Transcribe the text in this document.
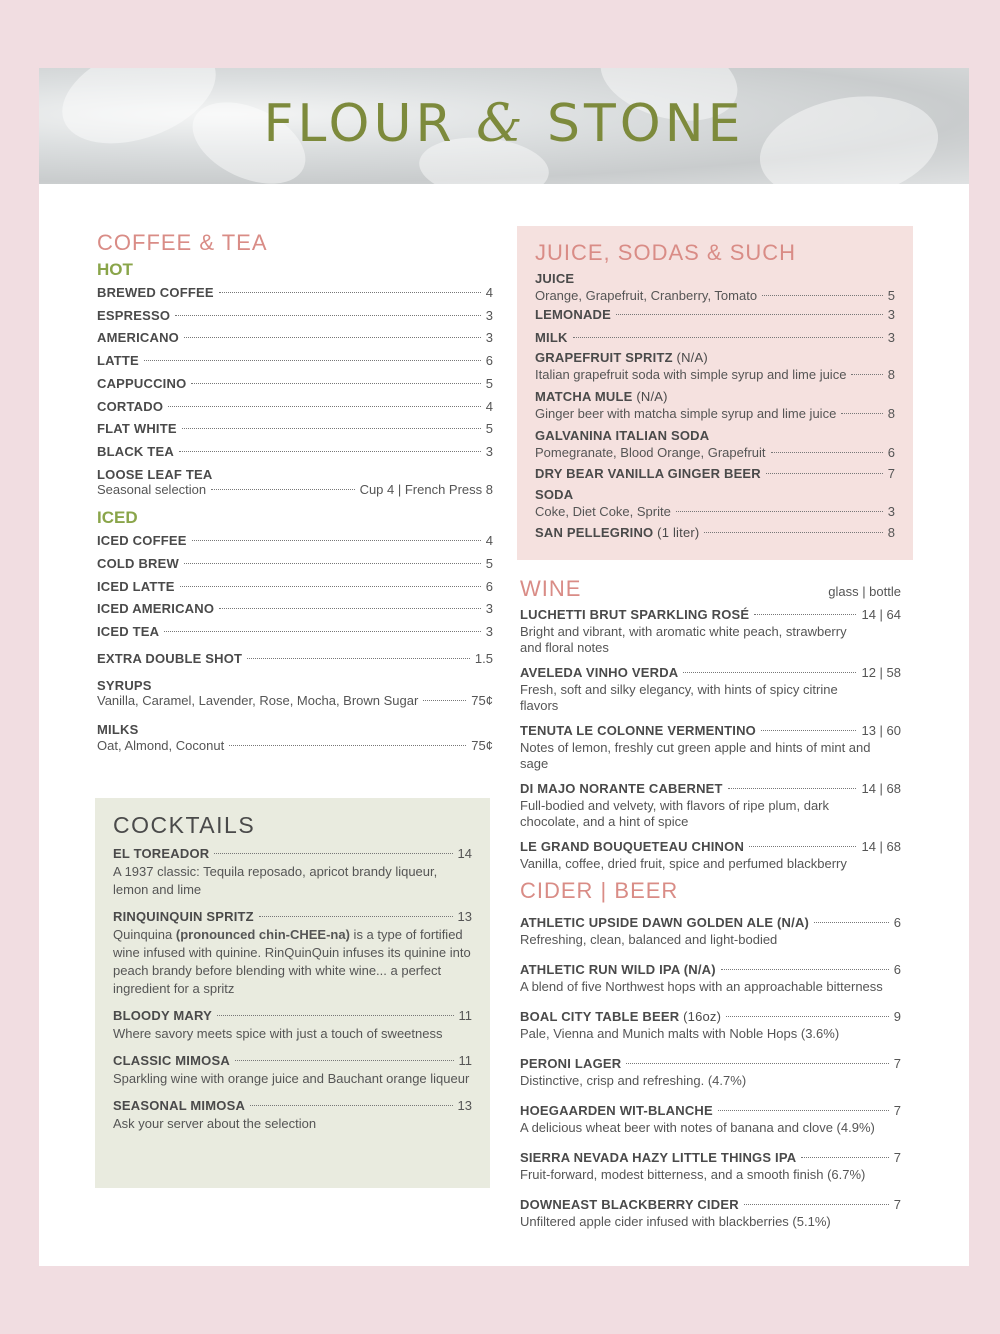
FLOUR & STONE
COFFEE & TEA
HOT
BREWED COFFEE	4
ESPRESSO	3
AMERICANO	3
LATTE	6
CAPPUCCINO	5
CORTADO	4
FLAT WHITE	5
BLACK TEA	3
LOOSE LEAF TEA
Seasonal selection	Cup 4 | French Press 8
ICED
ICED COFFEE	4
COLD BREW	5
ICED LATTE	6
ICED AMERICANO	3
ICED TEA	3
EXTRA DOUBLE SHOT	1.5
SYRUPS
Vanilla, Caramel, Lavender, Rose, Mocha, Brown Sugar	75¢
MILKS
Oat, Almond, Coconut	75¢
COCKTAILS
EL TOREADOR	14
A 1937 classic: Tequila reposado, apricot brandy liqueur, lemon and lime
RINQUINQUIN SPRITZ	13
Quinquina (pronounced chin-CHEE-na) is a type of fortified wine infused with quinine. RinQuinQuin infuses its quinine into peach brandy before blending with white wine... a perfect ingredient for a spritz
BLOODY MARY	11
Where savory meets spice with just a touch of sweetness
CLASSIC MIMOSA	11
Sparkling wine with orange juice and Bauchant orange liqueur
SEASONAL MIMOSA	13
Ask your server about the selection
JUICE, SODAS & SUCH
JUICE
Orange, Grapefruit, Cranberry, Tomato	5
LEMONADE	3
MILK	3
GRAPEFRUIT SPRITZ (N/A)
Italian grapefruit soda with simple syrup and lime juice	8
MATCHA MULE (N/A)
Ginger beer with matcha simple syrup and lime juice	8
GALVANINA ITALIAN SODA
Pomegranate, Blood Orange, Grapefruit	6
DRY BEAR VANILLA GINGER BEER	7
SODA
Coke, Diet Coke, Sprite	3
SAN PELLEGRINO (1 liter)	8
WINE	glass | bottle
LUCHETTI BRUT SPARKLING ROSÉ	14 | 64
Bright and vibrant, with aromatic white peach, strawberry and floral notes
AVELEDA VINHO VERDA	12 | 58
Fresh, soft and silky elegancy, with hints of spicy citrine flavors
TENUTA LE COLONNE VERMENTINO	13 | 60
Notes of lemon, freshly cut green apple and hints of mint and sage
DI MAJO NORANTE CABERNET	14 | 68
Full-bodied and velvety, with flavors of ripe plum, dark chocolate, and a hint of spice
LE GRAND BOUQUETEAU CHINON	14 | 68
Vanilla, coffee, dried fruit, spice and perfumed blackberry
CIDER | BEER
ATHLETIC UPSIDE DAWN GOLDEN ALE (N/A)	6
Refreshing, clean, balanced and light-bodied
ATHLETIC RUN WILD IPA (N/A)	6
A blend of five Northwest hops with an approachable bitterness
BOAL CITY TABLE BEER (16oz)	9
Pale, Vienna and Munich malts with Noble Hops (3.6%)
PERONI LAGER	7
Distinctive, crisp and refreshing. (4.7%)
HOEGAARDEN WIT-BLANCHE	7
A delicious wheat beer with notes of banana and clove (4.9%)
SIERRA NEVADA HAZY LITTLE THINGS IPA	7
Fruit-forward, modest bitterness, and a smooth finish (6.7%)
DOWNEAST BLACKBERRY CIDER	7
Unfiltered apple cider infused with blackberries (5.1%)
